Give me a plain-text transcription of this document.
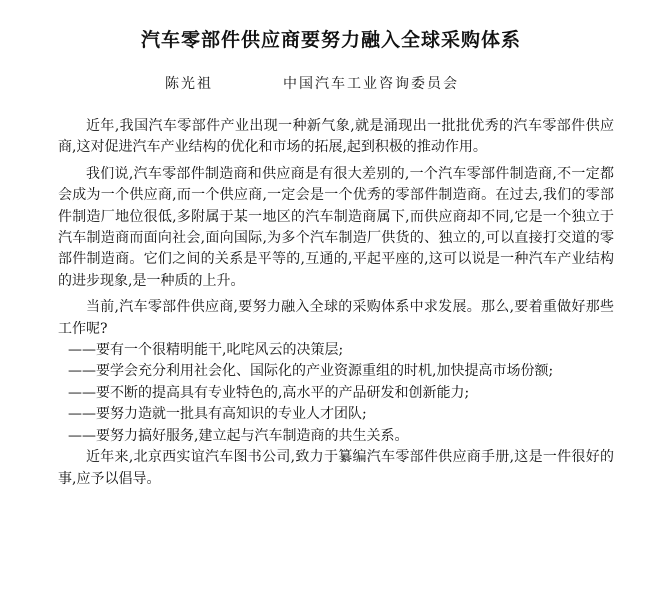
汽车零部件供应商要努力融入全球采购体系
陈光祖	中国汽车工业咨询委员会

近年,我国汽车零部件产业出现一种新气象,就是涌现出一批批优秀的汽车零部件供应商,这对促进汽车产业结构的优化和市场的拓展,起到积极的推动作用。

我们说,汽车零部件制造商和供应商是有很大差别的,一个汽车零部件制造商,不一定都会成为一个供应商,而一个供应商,一定会是一个优秀的零部件制造商。在过去,我们的零部件制造厂地位很低,多附属于某一地区的汽车制造商属下,而供应商却不同,它是一个独立于汽车制造商而面向社会,面向国际,为多个汽车制造厂供货的、独立的,可以直接打交道的零部件制造商。它们之间的关系是平等的,互通的,平起平座的,这可以说是一种汽车产业结构的进步现象,是一种质的上升。

当前,汽车零部件供应商,要努力融入全球的采购体系中求发展。那么,要着重做好那些工作呢?

——要有一个很精明能干,叱咤风云的决策层;

——要学会充分利用社会化、国际化的产业资源重组的时机,加快提高市场份额;

——要不断的提高具有专业特色的,高水平的产品研发和创新能力;

——要努力造就一批具有高知识的专业人才团队;

——要努力搞好服务,建立起与汽车制造商的共生关系。

近年来,北京西实谊汽车图书公司,致力于纂编汽车零部件供应商手册,这是一件很好的事,应予以倡导。
